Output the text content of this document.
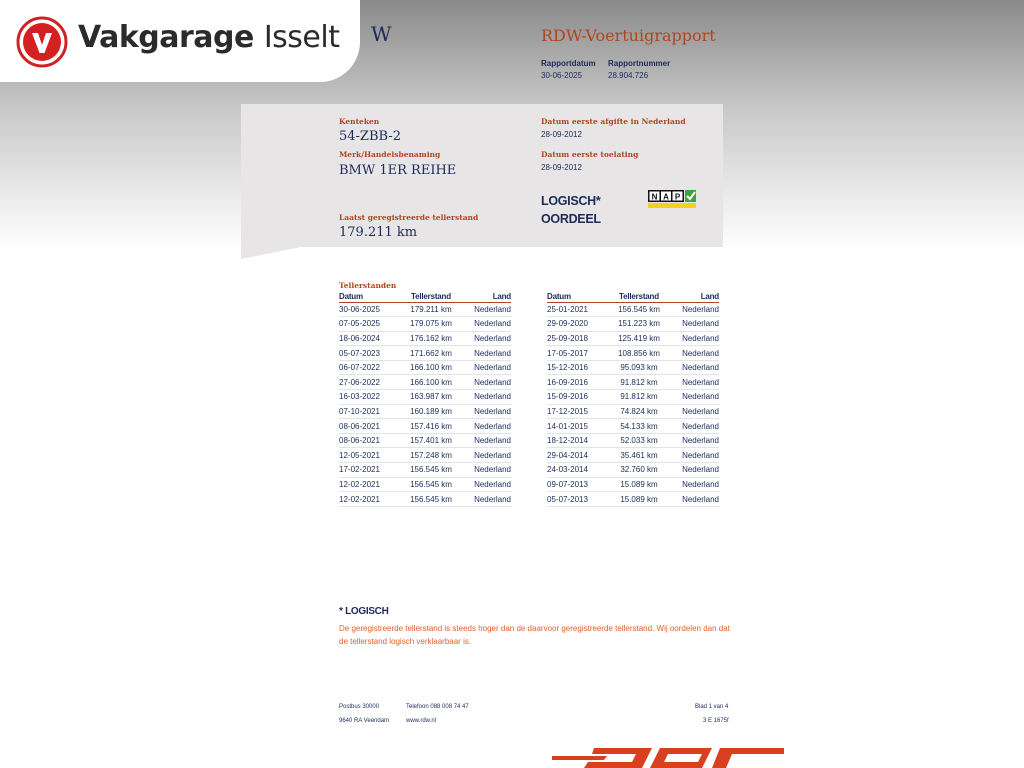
Vakgarage Isselt W	RDW-Voertuigrapport
Rapportdatum
30-06-2025
Rapportnummer
28.904.726
Kenteken
54-ZBB-2
Merk/Handelsbenaming
BMW 1ER REIHE
Laatst geregistreerde tellerstand
179.211 km
Datum eerste afgifte in Nederland
28-09-2012
Datum eerste toelating
28-09-2012
LOGISCH*
OORDEEL
N A P
Tellerstanden
Datum	Tellerstand	Land
30-06-2025	179.211 km	Nederland
07-05-2025	179.075 km	Nederland
18-06-2024	176.162 km	Nederland
05-07-2023	171.662 km	Nederland
06-07-2022	166.100 km	Nederland
27-06-2022	166.100 km	Nederland
16-03-2022	163.987 km	Nederland
07-10-2021	160.189 km	Nederland
08-06-2021	157.416 km	Nederland
08-06-2021	157.401 km	Nederland
12-05-2021	157.248 km	Nederland
17-02-2021	156.545 km	Nederland
12-02-2021	156.545 km	Nederland
12-02-2021	156.545 km	Nederland
Datum	Tellerstand	Land
25-01-2021	156.545 km	Nederland
29-09-2020	151.223 km	Nederland
25-09-2018	125.419 km	Nederland
17-05-2017	108.856 km	Nederland
15-12-2016	95.093 km	Nederland
16-09-2016	91.812 km	Nederland
15-09-2016	91.812 km	Nederland
17-12-2015	74.824 km	Nederland
14-01-2015	54.133 km	Nederland
18-12-2014	52.033 km	Nederland
29-04-2014	35.461 km	Nederland
24-03-2014	32.760 km	Nederland
09-07-2013	15.089 km	Nederland
05-07-2013	15.089 km	Nederland
* LOGISCH
De geregistreerde tellerstand is steeds hoger dan de daarvoor geregistreerde tellerstand. Wij oordelen dan dat de tellerstand logisch verklaarbaar is.
Postbus 30000
9640 RA Veendam
Telefoon 088 008 74 47
www.rdw.nl
Blad 1 van 4
3 E 1675f
